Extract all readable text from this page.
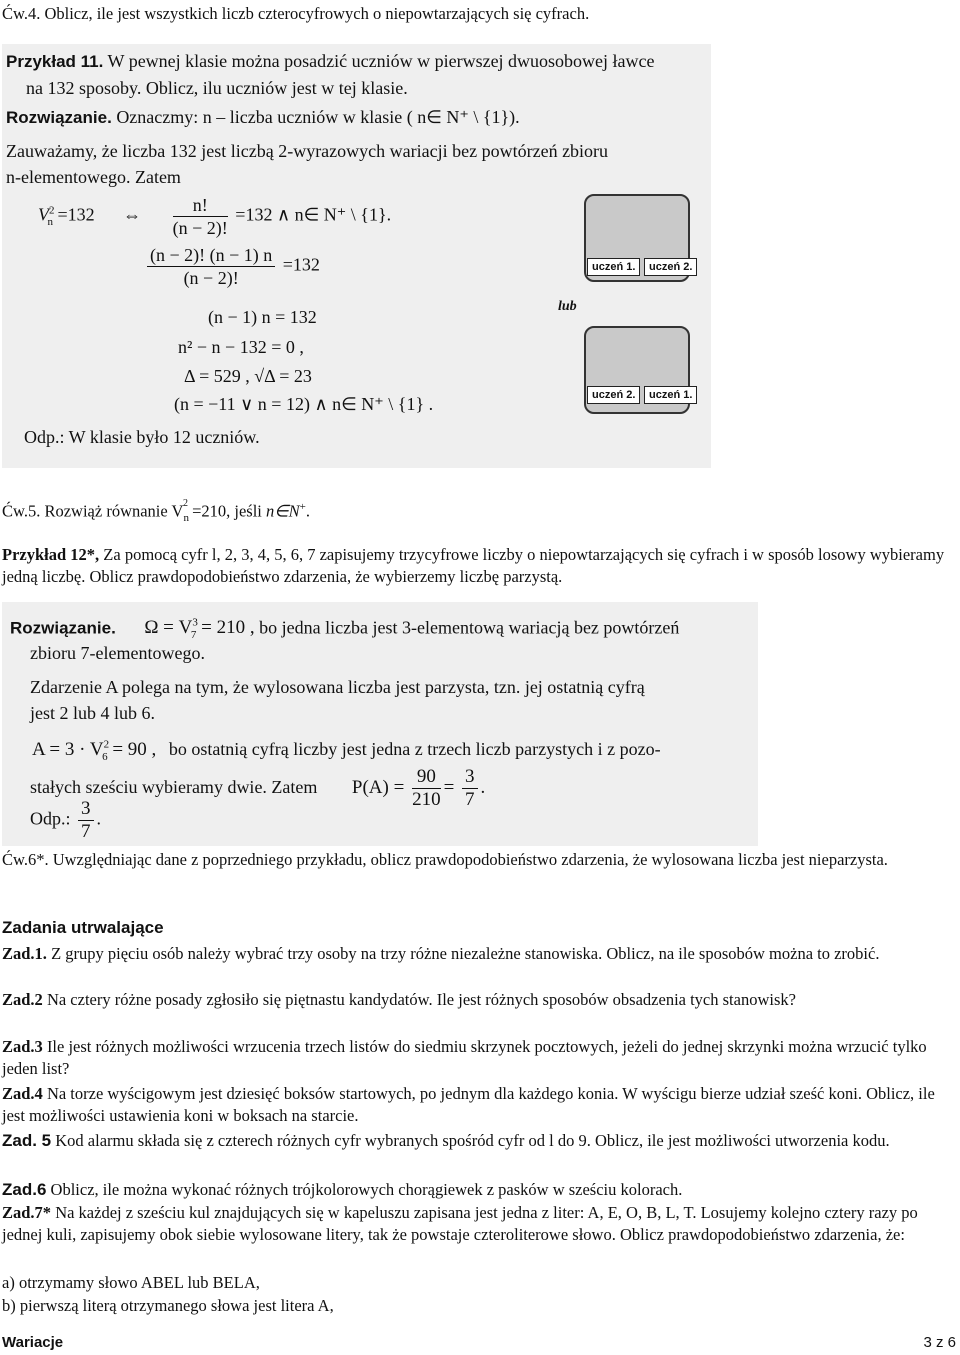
Ćw.4. Oblicz, ile jest wszystkich liczb czterocyfrowych o niepowtarzających się cyfrach.
Przykład 11. W pewnej klasie można posadzić uczniów w pierwszej dwuosobowej ławce
na 132 sposoby. Oblicz, ilu uczniów jest w tej klasie.
Rozwiązanie. Oznaczmy: n – liczba uczniów w klasie ( n∈ N⁺ \ {1}).
Zauważamy, że liczba 132 jest liczbą 2-wyrazowych wariacji bez powtórzeń zbioru
n-elementowego. Zatem
$V^2_n =132$ ⇔ $\frac{n!}{(n - 2)!} =132$ ∧ n∈ N⁺ \ {1}.
$\frac{(n - 2)! (n - 1) n}{(n - 2)!} =132$
(n − 1) n = 132
n² − n − 132 = 0 ,
Δ = 529 , √Δ = 23
(n = −11 ∨ n = 12) ∧ n∈ N⁺ \ {1} .
Odp.: W klasie było 12 uczniów.
uczeń 1.	uczeń 2.
lub
uczeń 2.	uczeń 1.
Ćw.5. Rozwiąż równanie $V_n^2 =210$, jeśli n∈N+.
Przykład 12*, Za pomocą cyfr l, 2, 3, 4, 5, 6, 7 zapisujemy trzycyfrowe liczby o niepowtarzających się cyfrach i w sposób losowy wybieramy jedną liczbę. Oblicz prawdopodobieństwo zdarzenia, że wybierzemy liczbę parzystą.
Rozwiązanie. $\Omega = V^3_7 = 210$ , bo jedna liczba jest 3-elementową wariacją bez powtórzeń
zbioru 7-elementowego.
Zdarzenie A polega na tym, że wylosowana liczba jest parzysta, tzn. jej ostatnią cyfrą
jest 2 lub 4 lub 6.
$A = 3 \cdot V^2_6 = 90$ , bo ostatnią cyfrą liczby jest jedna z trzech liczb parzystych i z pozo-
stałych sześciu wybieramy dwie. Zatem $P(A) = \frac{90}{210} = \frac{3}{7}$ .
Odp.: $\frac{3}{7}$ .
Ćw.6*. Uwzględniając dane z poprzedniego przykładu, oblicz prawdopodobieństwo zdarzenia, że wylosowana liczba jest nieparzysta.
Zadania utrwalające
Zad.1. Z grupy pięciu osób należy wybrać trzy osoby na trzy różne niezależne stanowiska. Oblicz, na ile sposobów można to zrobić.
Zad.2 Na cztery różne posady zgłosiło się piętnastu kandydatów. Ile jest różnych sposobów obsadzenia tych stanowisk?
Zad.3 Ile jest różnych możliwości wrzucenia trzech listów do siedmiu skrzynek pocztowych, jeżeli do jednej skrzynki można wrzucić tylko jeden list?
Zad.4 Na torze wyścigowym jest dziesięć boksów startowych, po jednym dla każdego konia. W wyścigu bierze udział sześć koni. Oblicz, ile jest możliwości ustawienia koni w boksach na starcie.
Zad. 5 Kod alarmu składa się z czterech różnych cyfr wybranych spośród cyfr od l do 9. Oblicz, ile jest możliwości utworzenia kodu.
Zad.6 Oblicz, ile można wykonać różnych trójkolorowych chorągiewek z pasków w sześciu kolorach.
Zad.7* Na każdej z sześciu kul znajdujących się w kapeluszu zapisana jest jedna z liter: A, E, O, B, L, T. Losujemy kolejno cztery razy po jednej kuli, zapisujemy obok siebie wylosowane litery, tak że powstaje czteroliterowe słowo. Oblicz prawdopodobieństwo zdarzenia, że:
a) otrzymamy słowo ABEL lub BELA,
b) pierwszą literą otrzymanego słowa jest litera A,
Wariacje	3 z 6
